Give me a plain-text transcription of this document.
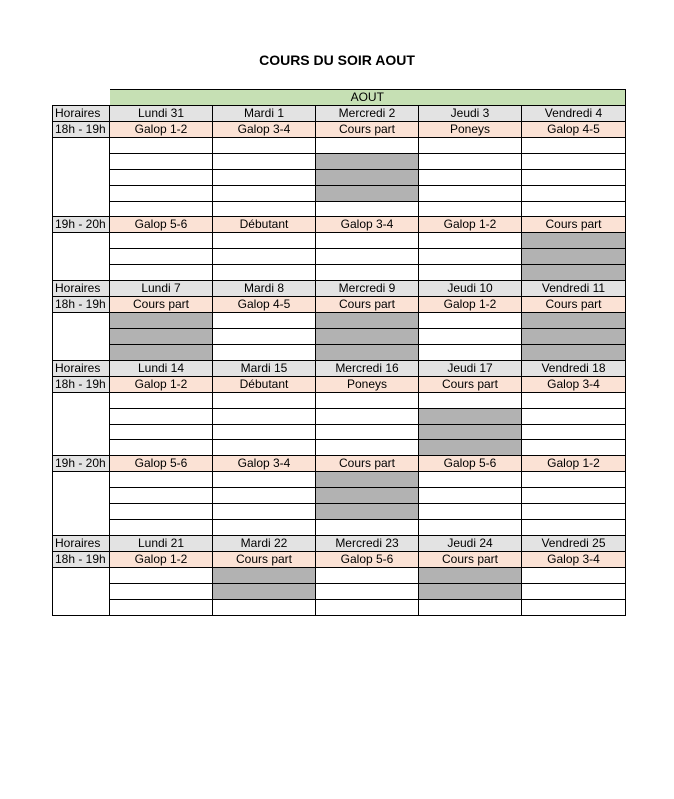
COURS DU SOIR AOUT
	AOUT				
Horaires	Lundi 31	Mardi 1	Mercredi 2	Jeudi 3	Vendredi 4
18h - 19h	Galop 1-2	Galop 3-4	Cours part	Poneys	Galop 4-5

19h - 20h	Galop 5-6	Débutant	Galop 3-4	Galop 1-2	Cours part

Horaires	Lundi 7	Mardi 8	Mercredi 9	Jeudi 10	Vendredi 11
18h - 19h	Cours part	Galop 4-5	Cours part	Galop 1-2	Cours part

Horaires	Lundi 14	Mardi 15	Mercredi 16	Jeudi 17	Vendredi 18
18h - 19h	Galop 1-2	Débutant	Poneys	Cours part	Galop 3-4

19h - 20h	Galop 5-6	Galop 3-4	Cours part	Galop 5-6	Galop 1-2

Horaires	Lundi 21	Mardi 22	Mercredi 23	Jeudi 24	Vendredi 25
18h - 19h	Galop 1-2	Cours part	Galop 5-6	Cours part	Galop 3-4
